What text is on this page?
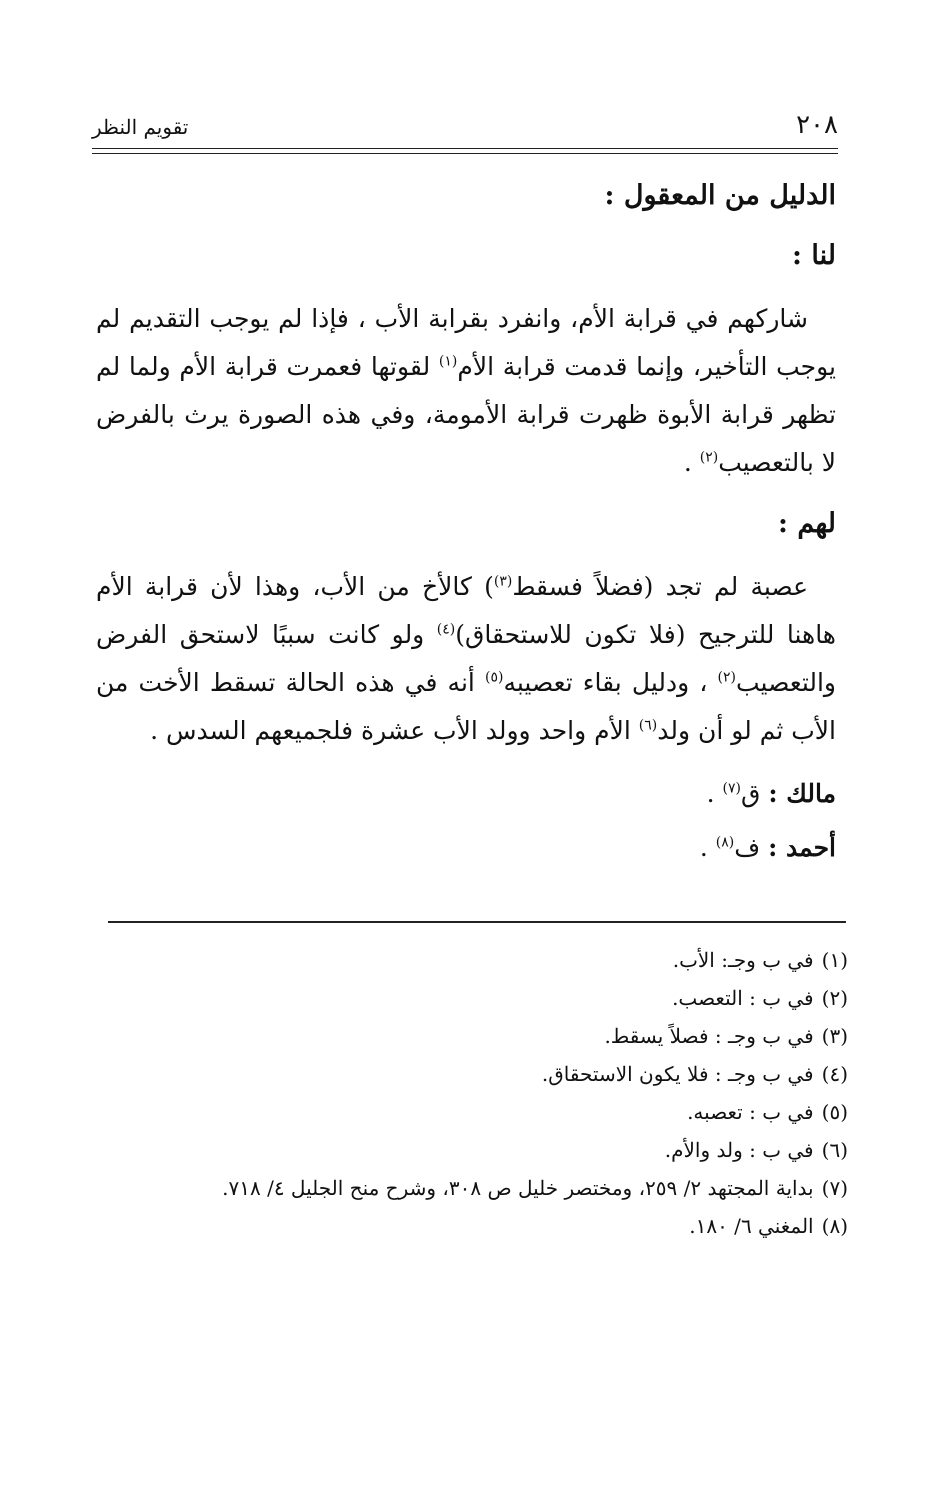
٢٠٨
تقويم النظر

الدليل من المعقول :

لنا :

شاركهم في قرابة الأم، وانفرد بقرابة الأب ، فإذا لم يوجب التقديم لم يوجب التأخير، وإنما قدمت قرابة الأم$^{(١)}$ لقوتها فعمرت قرابة الأم ولما لم تظهر قرابة الأبوة ظهرت قرابة الأمومة، وفي هذه الصورة يرث بالفرض لا بالتعصيب$^{(٢)}$ .

لهم :

عصبة لم تجد (فضلاً فسقط$^{(٣)}$) كالأخ من الأب، وهذا لأن قرابة الأم هاهنا للترجيح (فلا تكون للاستحقاق)$^{(٤)}$ ولو كانت سببًا لاستحق الفرض والتعصيب$^{(٢)}$ ، ودليل بقاء تعصيبه$^{(٥)}$ أنه في هذه الحالة تسقط الأخت من الأب ثم لو أن ولد$^{(٦)}$ الأم واحد وولد الأب عشرة فلجميعهم السدس .

مالك : ق$^{(٧)}$ .

أحمد : ف$^{(٨)}$ .

(١)في ب وجـ: الأب.

(٢)في ب : التعصب.

(٣)في ب وجـ : فصلاً يسقط.

(٤)في ب وجـ : فلا يكون الاستحقاق.

(٥)في ب : تعصبه.

(٦)في ب : ولد والأم.

(٧)بداية المجتهد ٢/ ٢٥٩، ومختصر خليل ص ٣٠٨، وشرح منح الجليل ٤/ ٧١٨.

(٨)المغني ٦/ ١٨٠.
